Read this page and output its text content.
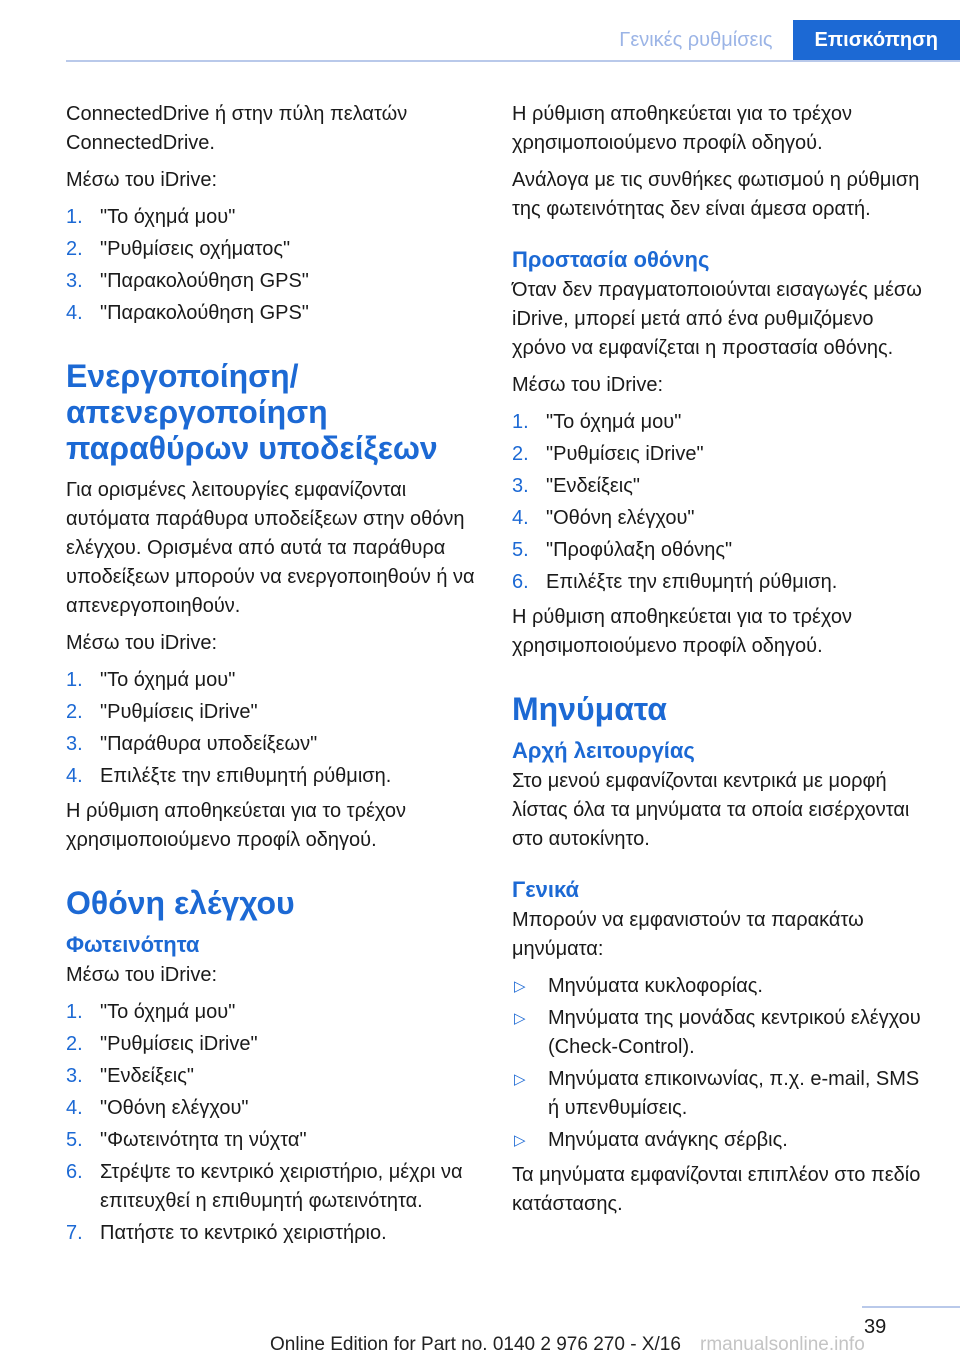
Γενικές ρυθμίσεις	Επισκόπηση

ConnectedDrive ή στην πύλη πελατών ConnectedDrive.

Μέσω του iDrive:

1. "Το όχημά μου"
2. "Ρυθμίσεις οχήματος"
3. "Παρακολούθηση GPS"
4. "Παρακολούθηση GPS"
Ενεργοποίηση/απενεργοποίηση παραθύρων υποδείξεων

Για ορισμένες λειτουργίες εμφανίζονται αυτόματα παράθυρα υποδείξεων στην οθόνη ελέγχου. Ορισμένα από αυτά τα παράθυρα υποδείξεων μπορούν να ενεργοποιηθούν ή να απενεργοποιηθούν.

Μέσω του iDrive:

1. "Το όχημά μου"
2. "Ρυθμίσεις iDrive"
3. "Παράθυρα υποδείξεων"
4. Επιλέξτε την επιθυμητή ρύθμιση.

Η ρύθμιση αποθηκεύεται για το τρέχον χρησιμοποιούμενο προφίλ οδηγού.

Οθόνη ελέγχου
Φωτεινότητα

Μέσω του iDrive:

1. "Το όχημά μου"
2. "Ρυθμίσεις iDrive"
3. "Ενδείξεις"
4. "Οθόνη ελέγχου"
5. "Φωτεινότητα τη νύχτα"
6. Στρέψτε το κεντρικό χειριστήριο, μέχρι να επιτευχθεί η επιθυμητή φωτεινότητα.
7. Πατήστε το κεντρικό χειριστήριο.

Η ρύθμιση αποθηκεύεται για το τρέχον χρησιμοποιούμενο προφίλ οδηγού.

Ανάλογα με τις συνθήκες φωτισμού η ρύθμιση της φωτεινότητας δεν είναι άμεσα ορατή.

Προστασία οθόνης

Όταν δεν πραγματοποιούνται εισαγωγές μέσω iDrive, μπορεί μετά από ένα ρυθμιζόμενο χρόνο να εμφανίζεται η προστασία οθόνης.

Μέσω του iDrive:

1. "Το όχημά μου"
2. "Ρυθμίσεις iDrive"
3. "Ενδείξεις"
4. "Οθόνη ελέγχου"
5. "Προφύλαξη οθόνης"
6. Επιλέξτε την επιθυμητή ρύθμιση.

Η ρύθμιση αποθηκεύεται για το τρέχον χρησιμοποιούμενο προφίλ οδηγού.

Μηνύματα
Αρχή λειτουργίας

Στο μενού εμφανίζονται κεντρικά με μορφή λίστας όλα τα μηνύματα τα οποία εισέρχονται στο αυτοκίνητο.

Γενικά

Μπορούν να εμφανιστούν τα παρακάτω μηνύματα:

▷	Μηνύματα κυκλοφορίας.
▷	Μηνύματα της μονάδας κεντρικού ελέγχου (Check-Control).
▷	Μηνύματα επικοινωνίας, π.χ. e-mail, SMS ή υπενθυμίσεις.
▷	Μηνύματα ανάγκης σέρβις.

Τα μηνύματα εμφανίζονται επιπλέον στο πεδίο κατάστασης.

39
Online Edition for Part no. 0140 2 976 270 - X/16 rmanualsonline.info
